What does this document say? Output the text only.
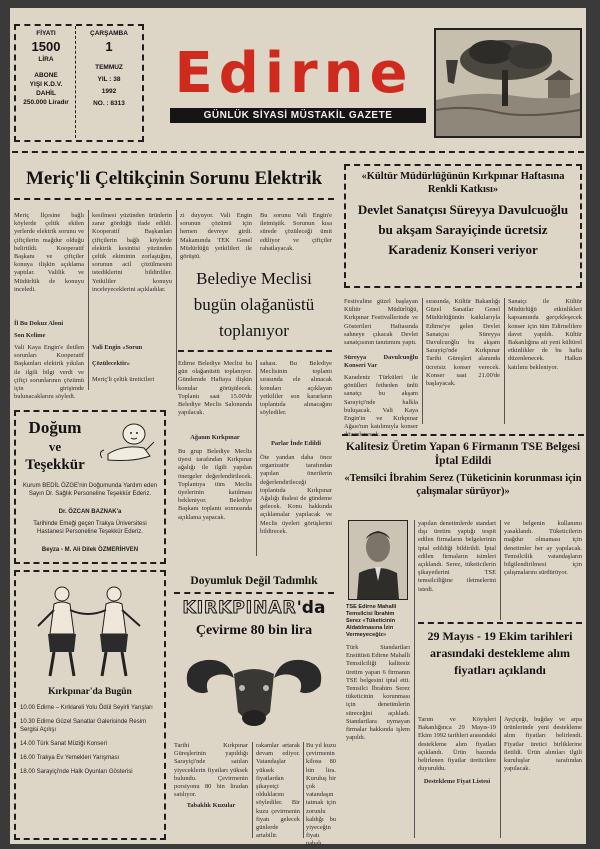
FİYATI
1500
LİRA
ABONE
YIŞI K.D.V.
DAHİL
250.000 Liradır
ÇARŞAMBA
1
TEMMUZ
YIL : 38
1992
NO. : 8313 Edirne
GÜNLÜK SİYASİ MÜSTAKİL GAZETE
Meriç'li Çeltikçinin Sorunu Elektrik
Meriç İlçesine bağlı köylerde çeltik ekilen yerlerde elektrik sorunu ve çiftçilerin mağdur olduğu belirtildi. Kooperatif Başkanı ve çiftçiler konuya ilişkin açıklama yaptılar. Valilik ve Müdürlük de konuyu inceledi.
İl Bu Dokuz Aloni
Son Kelime
Vali Kaya Engin'e iletilen sorunları Kooperatif Başkanları elektrik yıkılan ile ilgili bilgi verdi ve çiftçi sorunlarının çözümü için girişimde bulunacaklarını söyledi.
kesilmesi yüzünden ürünlerin zarar gördüğü ifade edildi. Kooperatif Başkanları çiftçilerin bağlı köylerde elektrik kesintisi yüzünden çeltik ekiminin zorlaştığını, sorunun acil çözülmesini istediklerini bildirdiler. Yetkililer konuyu inceleyeceklerini açıkladılar.
Vali Engin «Sorun
Çözülecektir»
Meriç'li çeltik üreticileri
zi duyuyor. Vali Engin sorunun çözümü için hemen devreye girdi. Makamında TEK Genel Müdürlüğü yetkilileri ile görüştü.
Bu sorunu Vali Engin'e iletmiştik. Sorunun kısa sürede çözüleceği ümit ediliyor ve çiftçiler rahatlayacak.
Belediye Meclisi bugün olağanüstü toplanıyor
Edirne Belediye Meclisi bu gün olağanüstü toplanıyor. Gündemde Haftaya ilişkin konular görüşülecek. Toplantı saat 15.00'de Belediye Meclis Salonunda yapılacak.
Ağanın Kırkpınar
Bu grup Belediye Meclis üyesi tarafından Kırkpınar ağalığı ile ilgili yapılan önergeler değerlendirilecek. Toplantıya tüm Meclis üyelerinin katılması bekleniyor. Belediye Başkanı toplantı sonrasında açıklama yapacak.
sahası. Bu Belediye Meclisinin toplantı sırasında ele alınacak konuları açıklayan yetkililer son kararların toplantıda alınacağını söylediler.
Parlar İnde Edildi
Öte yandan daha önce organizatör tarafından yapılan önerilerin değerlendirileceği toplantıda Kırkpınar Ağalığı ihalesi de gündeme gelecek. Konu hakkında açıklamalar yapılacak ve Meclis üyeleri görüşlerini bildirecek.
«Kültür Müdürlüğünün Kırkpınar Haftasına Renkli Katkısı»
Devlet Sanatçısı Süreyya Davulcuoğlu bu akşam Sarayiçinde ücretsiz Karadeniz Konseri veriyor
Festivaline güzel başlayan Kültür Müdürlüğü, Kırkpınar Festivallerinde ve Gösterileri Haftasında sahneye çıkacak Devlet sanatçısının tanıtımını yaptı.
Süreyya Davulcuoğlu Konseri Var
Karadeniz Türküleri ile gönülleri fetheden ünlü sanatçı bu akşam Sarayiçi'nde halkla buluşacak. Vali Kaya Engin'in ve Kırkpınar Ağası'nın katılımıyla konser düzenlenecek.
sırasında, Kültür Bakanlığı Güzel Sanatlar Genel Müdürlüğünün katkılarıyla Edirne'ye gelen Devlet Sanatçısı Süreyya Davulcuoğlu bu akşam Sarayiçi'nde Kırkpınar Tarihi Güreşleri alanında ücretsiz konser verecek. Konser saat 21.00'de başlayacak.
Sanatçı ile Kültür Müdürlüğü etkinlikleri kapsamında gerçekleşecek konser için tüm Edirnelilere davet yapıldı. Kültür Bakanlığına ait yeni kültürel etkinlikler de bu hafta düzenlenecek. Halkın katılımı bekleniyor.
Doğum
ve
Teşekkür
Kurum BEDİL ÖZGE'nin Doğumunda Yardım eden Sayın Dr. Sağlık Personeline Teşekkür Ederiz.
Dr. ÖZCAN BAZNAK'a
Tarihinde Emeği geçen Trakya Üniversitesi Hastanesi Personeline Teşekkür Ederiz.
Beyza - M. Ali Dilek ÖZMERİHVEN
Kırkpınar'da Bugün
10.00 Edirne – Kırklareli Yolu Ödül Seyirli Yarışları
10.30 Edirne Güzel Sanatlar Galerisinde Resim Sergisi Açılışı
14.00 Türk Sanat Müziği Konseri
16.00 Trakya Ev Yemekleri Yarışması
18.00 Sarayiçi'nde Halk Oyunları Gösterisi
Doyumluk Değil Tadımlık
KIRKPINAR'da
Çevirme 80 bin lira
Tarihi Kırkpınar Güreşlerinin yapıldığı Sarayiçi'nde satılan yiyeceklerin fiyatları yüksek bulundu. Çevirmenin porsiyonu 80 bin liradan satılıyor.
Tabaklık Kuzular
rakamlar artarak devam ediyor. Vatandaşlar yüksek fiyatlardan şikayetçi olduklarını söylediler. Bir kuzu çevirmenin fiyatı gelecek günlerde artabilir.
Bu yıl kuzu çevirmenin kilosu 80 bin lira. Kuruluş bir çok vatandaşın tatmak için zorunlu kaldığı bu yiyeceğin fiyatı pahalı.
Kalitesiz Üretim Yapan 6 Firmanın TSE Belgesi İptal Edildi
«Temsilci İbrahim Serez (Tüketicinin korunması için çalışmalar sürüyor)»
TSE Edirne Mahalli Temsilcisi İbrahim Serez «Tüketicinin Aldatılmasına İzin Vermeyeceğiz»
Türk Standartları Enstitüsü Edirne Mahalli Temsilciliği kalitesiz üretim yapan 6 firmanın TSE belgesini iptal etti. Temsilci İbrahim Serez tüketicinin korunması için denetimlerin süreceğini açıkladı. Standartlara uymayan firmalar hakkında işlem yapıldı.
yapılan denetimlerde standart dışı üretim yaptığı tespit edilen firmaların belgelerinin iptal edildiği bildirildi. İptal edilen firmaların isimleri açıklandı. Serez, tüketicilerin şikayetlerini TSE temsilciliğine iletmelerini istedi.
ve belgenin kullanımı yasaklandı. Tüketicilerin mağdur olmaması için denetimler her ay yapılacak. Temsilcilik vatandaşların bilgilendirilmesi için çalışmalarını sürdürüyor.
29 Mayıs - 19 Ekim tarihleri arasındaki destekleme alım fiyatları açıklandı
Tarım ve Köyişleri Bakanlığınca 29 Mayıs-19 Ekim 1992 tarihleri arasındaki destekleme alım fiyatları açıklandı. Ürün bazında belirlenen fiyatlar üreticilere duyuruldu.
Destekleme Fiyat Listesi
Ayçiçeği, buğday ve arpa ürünlerinde yeni destekleme alım fiyatları belirlendi. Fiyatlar üretici birliklerine iletildi. Ürün alımları ilgili kuruluşlar tarafından yapılacak.
